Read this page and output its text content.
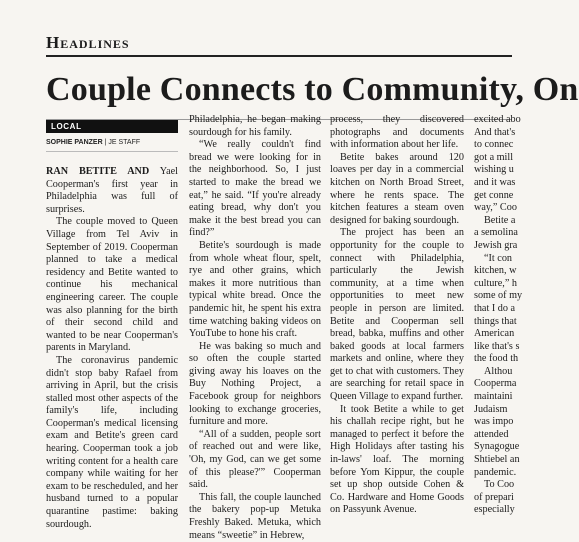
Headlines
Couple Connects to Community, On
LOCAL
SOPHIE PANZER | JE STAFF

RAN BETITE AND Yael Cooperman's first year in Philadelphia was full of surprises.

The couple moved to Queen Village from Tel Aviv in September of 2019. Cooperman planned to take a medical residency and Betite wanted to continue his mechanical engineering career. The couple was also planning for the birth of their second child and wanted to be near Cooperman's parents in Maryland.

The coronavirus pandemic didn't stop baby Rafael from arriving in April, but the crisis stalled most other aspects of the family's life, including Cooperman's medical licensing exam and Betite's green card hearing. Cooperman took a job writing content for a health care company while waiting for her exam to be rescheduled, and her husband turned to a popular quarantine pastime: baking sourdough.

Philadelphia, he began making sourdough for his family.

“We really couldn't find bread we were looking for in the neighborhood. So, I just started to make the bread we eat,” he said. “If you're already eating bread, why don't you make it the best bread you can find?”

Betite's sourdough is made from whole wheat flour, spelt, rye and other grains, which makes it more nutritious than typical white bread. Once the pandemic hit, he spent his extra time watching baking videos on YouTube to hone his craft.

He was baking so much and so often the couple started giving away his loaves on the Buy Nothing Project, a Facebook group for neighbors looking to exchange groceries, furniture and more.

“All of a sudden, people sort of reached out and were like, 'Oh, my God, can we get some of this please?'” Cooperman said.

This fall, the couple launched the bakery pop-up Metuka Freshly Baked. Metuka, which means “sweetie” in Hebrew,

process, they discovered photographs and documents with information about her life.

Betite bakes around 120 loaves per day in a commercial kitchen on North Broad Street, where he rents space. The kitchen features a steam oven designed for baking sourdough.

The project has been an opportunity for the couple to connect with Philadelphia, particularly the Jewish community, at a time when opportunities to meet new people in person are limited. Betite and Cooperman sell bread, babka, muffins and other baked goods at local farmers markets and online, where they get to chat with customers. They are searching for retail space in Queen Village to expand further.

It took Betite a while to get his challah recipe right, but he managed to perfect it before the High Holidays after tasting his in-laws' loaf. The morning before Yom Kippur, the couple set up shop outside Cohen & Co. Hardware and Home Goods on Passyunk Avenue.

excited abo

And that's

to connec

got a mill

wishing u

and it was

get conne

way,” Coo

Betite a

a semolina

Jewish gra

“It con

kitchen, w

culture,” h

some of my

that I do a

things that

American

like that's s

the food th

Althou

Cooperma

maintaini

Judaism

was impo

attended

Synagogue

Shtiebel an

pandemic.

To Coo

of prepari

especially
